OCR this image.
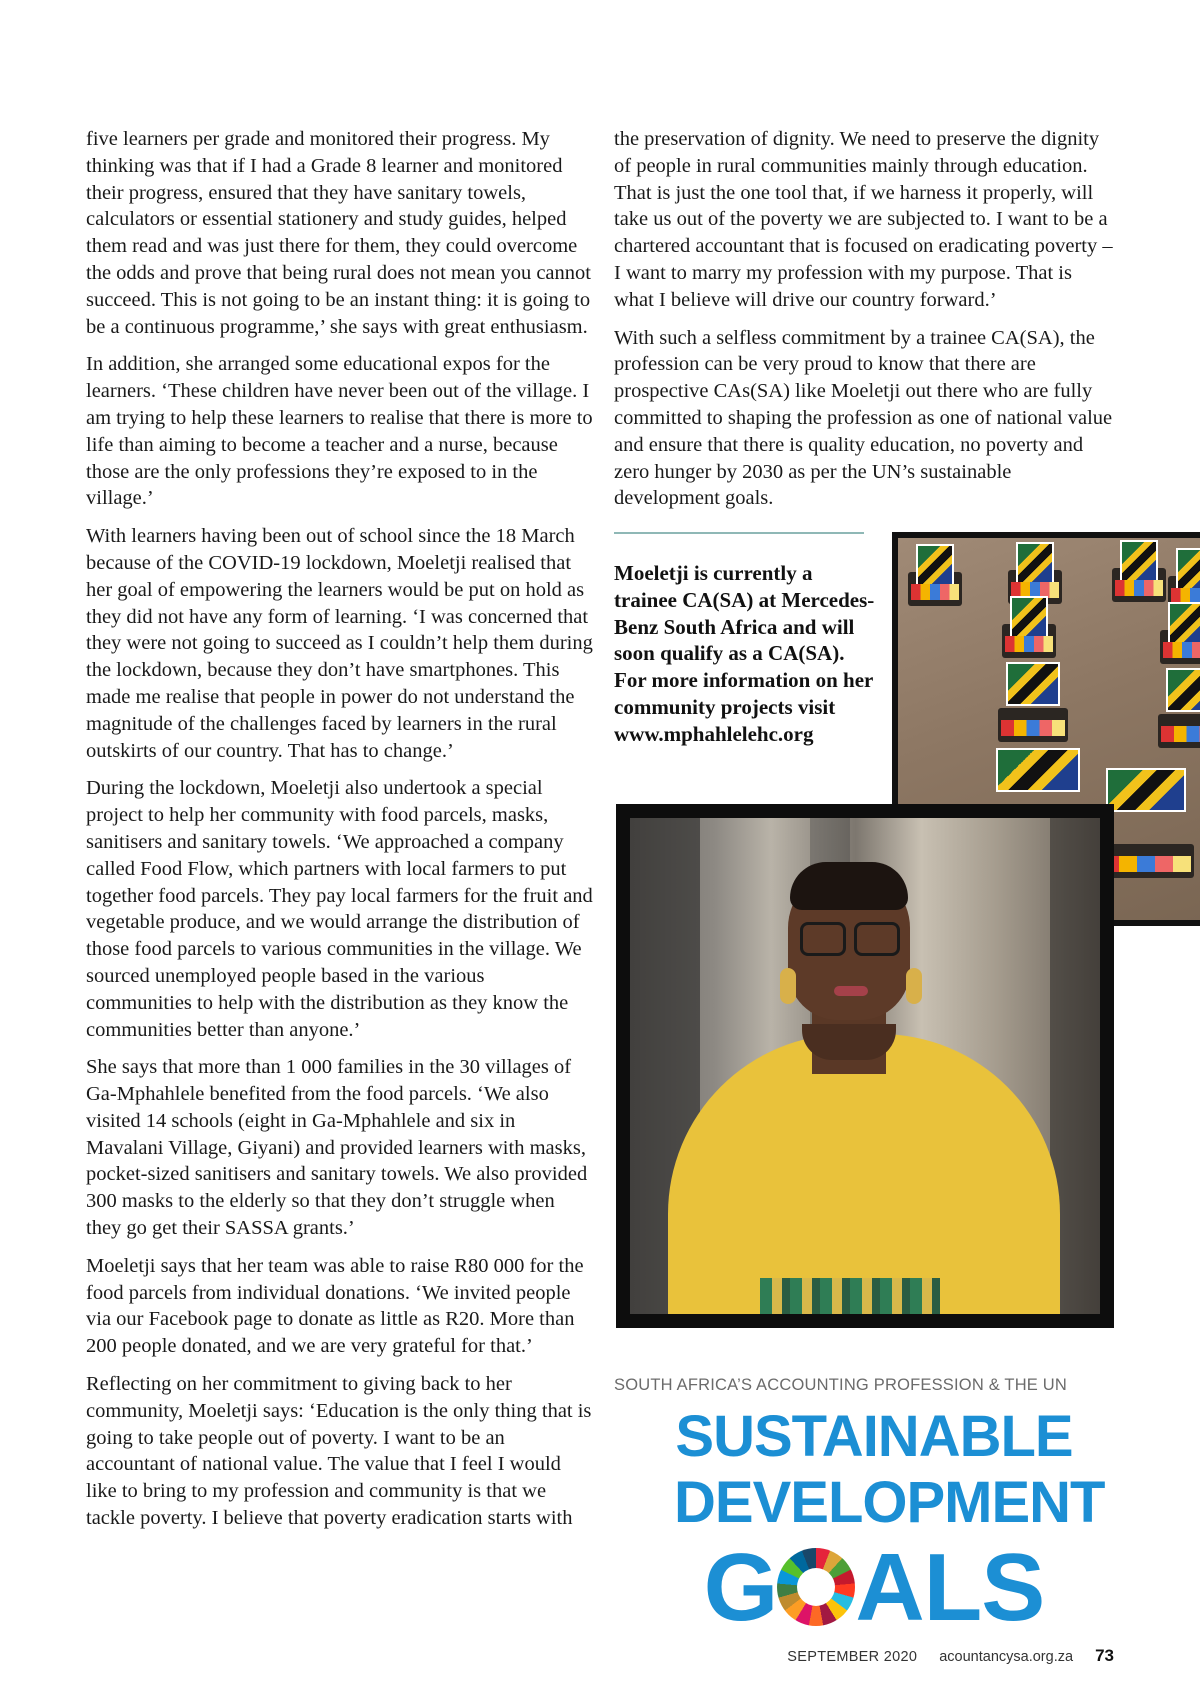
five learners per grade and monitored their progress. My thinking was that if I had a Grade 8 learner and monitored their progress, ensured that they have sanitary towels, calculators or essential stationery and study guides, helped them read and was just there for them, they could overcome the odds and prove that being rural does not mean you cannot succeed. This is not going to be an instant thing: it is going to be a continuous programme,’ she says with great enthusiasm.

In addition, she arranged some educational expos for the learners. ‘These children have never been out of the village. I am trying to help these learners to realise that there is more to life than aiming to become a teacher and a nurse, because those are the only professions they’re exposed to in the village.’

With learners having been out of school since the 18 March because of the COVID-19 lockdown, Moeletji realised that her goal of empowering the learners would be put on hold as they did not have any form of learning. ‘I was concerned that they were not going to succeed as I couldn’t help them during the lockdown, because they don’t have smartphones. This made me realise that people in power do not understand the magnitude of the challenges faced by learners in the rural outskirts of our country. That has to change.’

During the lockdown, Moeletji also undertook a special project to help her community with food parcels, masks, sanitisers and sanitary towels. ‘We approached a company called Food Flow, which partners with local farmers to put together food parcels. They pay local farmers for the fruit and vegetable produce, and we would arrange the distribution of those food parcels to various communities in the village. We sourced unemployed people based in the various communities to help with the distribution as they know the communities better than anyone.’

She says that more than 1 000 families in the 30 villages of Ga-Mphahlele benefited from the food parcels. ‘We also visited 14 schools (eight in Ga-Mphahlele and six in Mavalani Village, Giyani) and provided learners with masks, pocket-sized sanitisers and sanitary towels. We also provided 300 masks to the elderly so that they don’t struggle when they go get their SASSA grants.’

Moeletji says that her team was able to raise R80 000 for the food parcels from individual donations. ‘We invited people via our Facebook page to donate as little as R20. More than 200 people donated, and we are very grateful for that.’

Reflecting on her commitment to giving back to her community, Moeletji says: ‘Education is the only thing that is going to take people out of poverty. I want to be an accountant of national value. The value that I feel I would like to bring to my profession and community is that we tackle poverty. I believe that poverty eradication starts with

the preservation of dignity. We need to preserve the dignity of people in rural communities mainly through education. That is just the one tool that, if we harness it properly, will take us out of the poverty we are subjected to. I want to be a chartered accountant that is focused on eradicating poverty – I want to marry my profession with my purpose. That is what I believe will drive our country forward.’

With such a selfless commitment by a trainee CA(SA), the profession can be very proud to know that there are prospective CAs(SA) like Moeletji out there who are fully committed to shaping the profession as one of national value and ensure that there is quality education, no poverty and zero hunger by 2030 as per the UN’s sustainable development goals.

Moeletji is currently a trainee CA(SA) at Mercedes-Benz South Africa and will soon qualify as a CA(SA). For more information on her community projects visit www.mphahlelehc.org
SOUTH AFRICA’S ACCOUNTING PROFESSION & THE UN
SUSTAINABLE
DEVELOPMENT
G ALS
SEPTEMBER 2020 acountancysa.org.za 73
